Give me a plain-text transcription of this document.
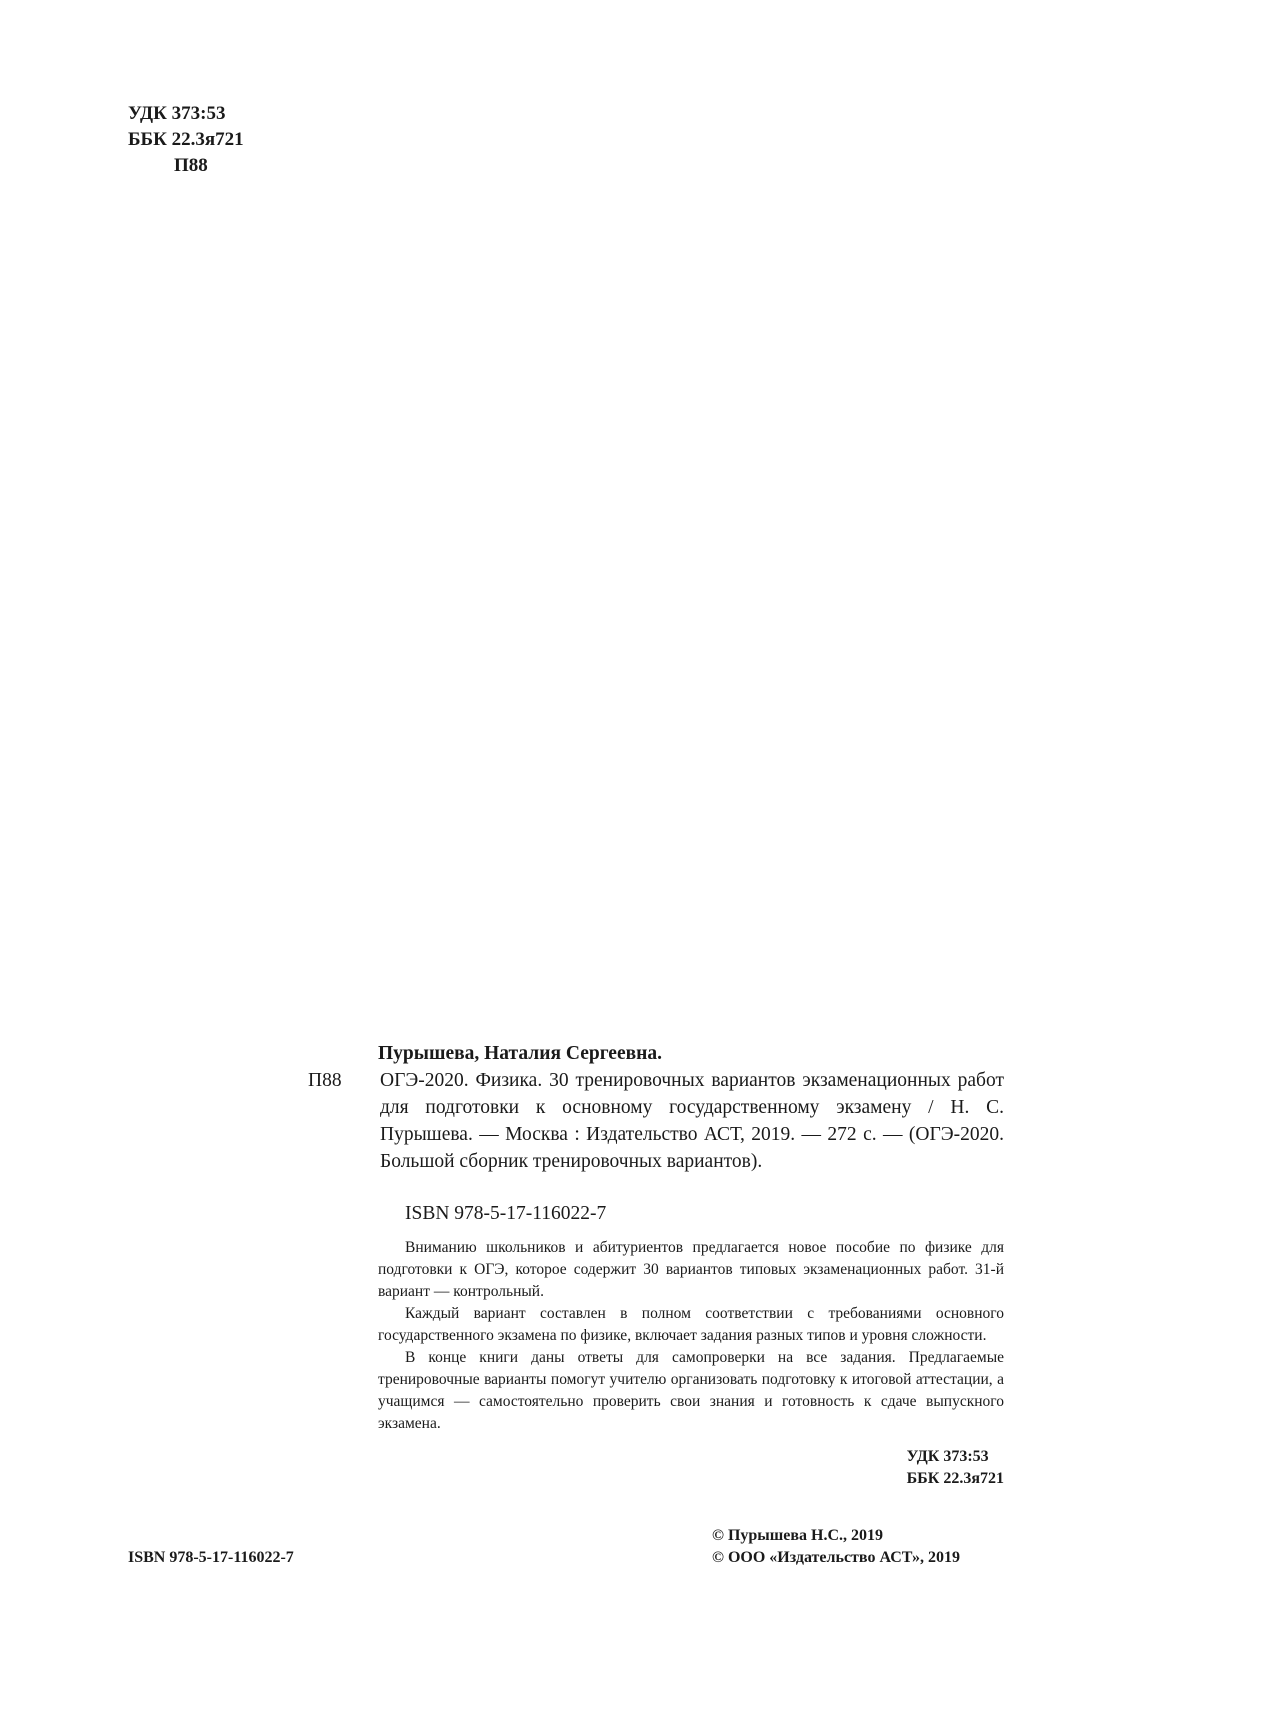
УДК 373:53
ББК 22.3я721
П88
П88
Пурышева, Наталия Сергеевна.
ОГЭ-2020. Физика. 30 тренировочных вариантов экзаменационных работ для подготовки к основному государственному экзамену / Н. С. Пурышева. — Москва : Издательство АСТ, 2019. — 272 с. — (ОГЭ-2020. Большой сборник тренировочных вариантов).
ISBN 978-5-17-116022-7

Вниманию школьников и абитуриентов предлагается новое пособие по физике для подготовки к ОГЭ, которое содержит 30 вариантов типовых экзаменационных работ. 31-й вариант — контрольный.

Каждый вариант составлен в полном соответствии с требованиями основного государственного экзамена по физике, включает задания разных типов и уровня сложности.

В конце книги даны ответы для самопроверки на все задания. Предлагаемые тренировочные варианты помогут учителю организовать подготовку к итоговой аттестации, а учащимся — самостоятельно проверить свои знания и готовность к сдаче выпускного экзамена.

УДК 373:53
ББК 22.3я721
ISBN 978-5-17-116022-7
© Пурышева Н.С., 2019
© ООО «Издательство АСТ», 2019
